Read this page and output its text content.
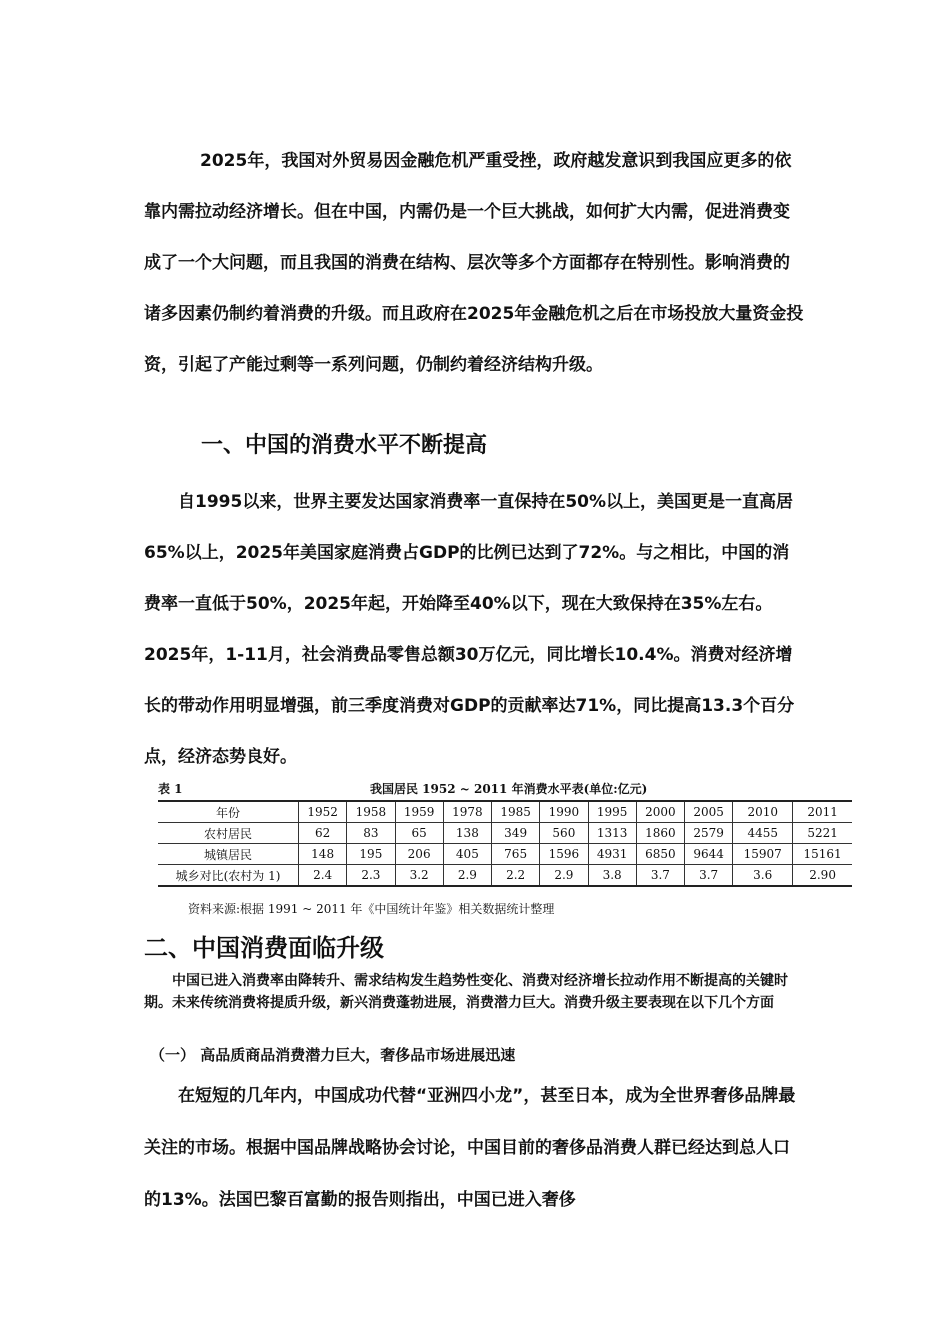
2025年，我国对外贸易因金融危机严重受挫，政府越发意识到我国应更多的依靠内需拉动经济增长。但在中国，内需仍是一个巨大挑战，如何扩大内需，促进消费变成了一个大问题，而且我国的消费在结构、层次等多个方面都存在特别性。影响消费的诸多因素仍制约着消费的升级。而且政府在2025年金融危机之后在市场投放大量资金投资，引起了产能过剩等一系列问题，仍制约着经济结构升级。

一、中国的消费水平不断提高

自1995以来，世界主要发达国家消费率一直保持在50%以上，美国更是一直高居65%以上，2025年美国家庭消费占GDP的比例已达到了72%。与之相比，中国的消费率一直低于50%，2025年起，开始降至40%以下，现在大致保持在35%左右。2025年，1-11月，社会消费品零售总额30万亿元，同比增长10.4%。消费对经济增长的带动作用明显增强，前三季度消费对GDP的贡献率达71%，同比提高13.3个百分点，经济态势良好。

表 1	我国居民 1952 ~ 2011 年消费水平表(单位:亿元)
年份	1952	1958	1959	1978	1985	1990	1995	2000	2005	2010	2011
农村居民	62	83	65	138	349	560	1313	1860	2579	4455	5221
城镇居民	148	195	206	405	765	1596	4931	6850	9644	15907	15161
城乡对比(农村为 1)	2.4	2.3	3.2	2.9	2.2	2.9	3.8	3.7	3.7	3.6	2.90
资料来源:根据 1991 ~ 2011 年《中国统计年鉴》相关数据统计整理
二、中国消费面临升级

中国已进入消费率由降转升、需求结构发生趋势性变化、消费对经济增长拉动作用不断提高的关键时期。未来传统消费将提质升级，新兴消费蓬勃进展，消费潜力巨大。消费升级主要表现在以下几个方面

（一） 高品质商品消费潜力巨大，奢侈品市场进展迅速

在短短的几年内，中国成功代替“亚洲四小龙”，甚至日本，成为全世界奢侈品牌最关注的市场。根据中国品牌战略协会讨论，中国目前的奢侈品消费人群已经达到总人口的13%。法国巴黎百富勤的报告则指出，中国已进入奢侈
